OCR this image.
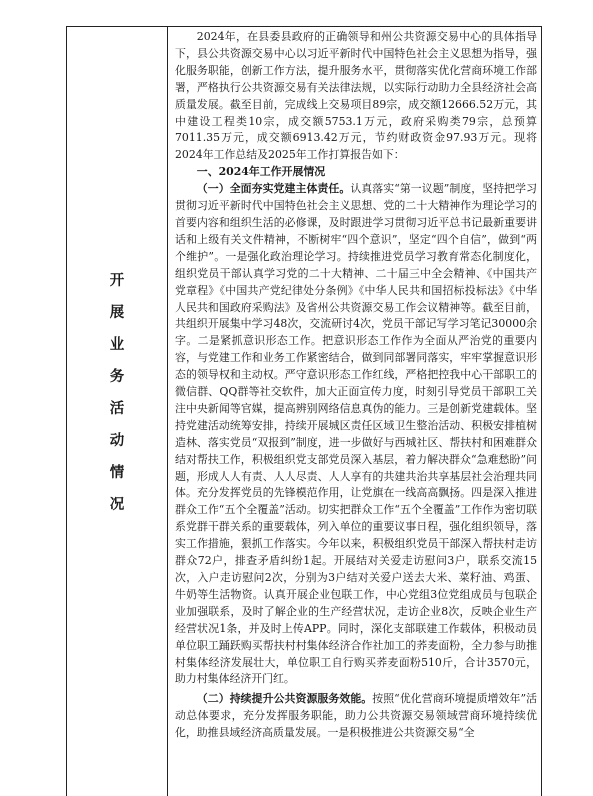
开
展
业
务
活
动
情
况

2024年，在县委县政府的正确领导和州公共资源交易中心的具体指导下，县公共资源交易中心以习近平新时代中国特色社会主义思想为指导，强化服务职能，创新工作方法，提升服务水平，贯彻落实优化营商环境工作部署，严格执行公共资源交易有关法律法规，以实际行动助力全县经济社会高质量发展。截至目前，完成线上交易项目89宗，成交额12666.52万元，其中建设工程类10宗，成交额5753.1万元，政府采购类79宗，总预算7011.35万元，成交额6913.42万元，节约财政资金97.93万元。现将2024年工作总结及2025年工作打算报告如下：

一、2024年工作开展情况

（一）全面夯实党建主体责任。认真落实“第一议题”制度，坚持把学习贯彻习近平新时代中国特色社会主义思想、党的二十大精神作为理论学习的首要内容和组织生活的必修课，及时跟进学习贯彻习近平总书记最新重要讲话和上级有关文件精神，不断树牢“四个意识”，坚定“四个自信”，做到“两个维护”。一是强化政治理论学习。持续推进党员学习教育常态化制度化，组织党员干部认真学习党的二十大精神、二十届三中全会精神、《中国共产党章程》《中国共产党纪律处分条例》《中华人民共和国招标投标法》《中华人民共和国政府采购法》及省州公共资源交易工作会议精神等。截至目前，共组织开展集中学习48次，交流研讨4次，党员干部记写学习笔记30000余字。二是紧抓意识形态工作。把意识形态工作作为全面从严治党的重要内容，与党建工作和业务工作紧密结合，做到同部署同落实，牢牢掌握意识形态的领导权和主动权。严守意识形态工作红线，严格把控我中心干部职工的微信群、QQ群等社交软件，加大正面宣传力度，时刻引导党员干部职工关注中央新闻等官媒，提高辨别网络信息真伪的能力。三是创新党建载体。坚持党建活动统筹安排，持续开展城区责任区域卫生整治活动、积极安排植树造林、落实党员“双报到”制度，进一步做好与西城社区、帮扶村和困难群众结对帮扶工作，积极组织党支部党员深入基层，着力解决群众“急难愁盼”问题，形成人人有责、人人尽责、人人享有的共建共治共享基层社会治理共同体。充分发挥党员的先锋模范作用，让党旗在一线高高飘扬。四是深入推进群众工作“五个全覆盖”活动。切实把群众工作“五个全覆盖”工作作为密切联系党群干群关系的重要载体，列入单位的重要议事日程，强化组织领导，落实工作措施，狠抓工作落实。今年以来，积极组织党员干部深入帮扶村走访群众72户，排查矛盾纠纷1起。开展结对关爱走访慰问3户，联系交流15次，入户走访慰问2次，分别为3户结对关爱户送去大米、菜籽油、鸡蛋、牛奶等生活物资。认真开展企业包联工作，中心党组3位党组成员与包联企业加强联系，及时了解企业的生产经营状况，走访企业8次，反映企业生产经营状况1条，并及时上传APP。同时，深化支部联建工作载体，积极动员单位职工踊跃购买帮扶村村集体经济合作社加工的荞麦面粉，全力参与助推村集体经济发展壮大，单位职工自行购买荞麦面粉510斤，合计3570元，助力村集体经济开门红。

（二）持续提升公共资源服务效能。按照“优化营商环境提质增效年”活动总体要求，充分发挥服务职能，助力公共资源交易领域营商环境持续优化，助推县域经济高质量发展。一是积极推进公共资源交易“全
